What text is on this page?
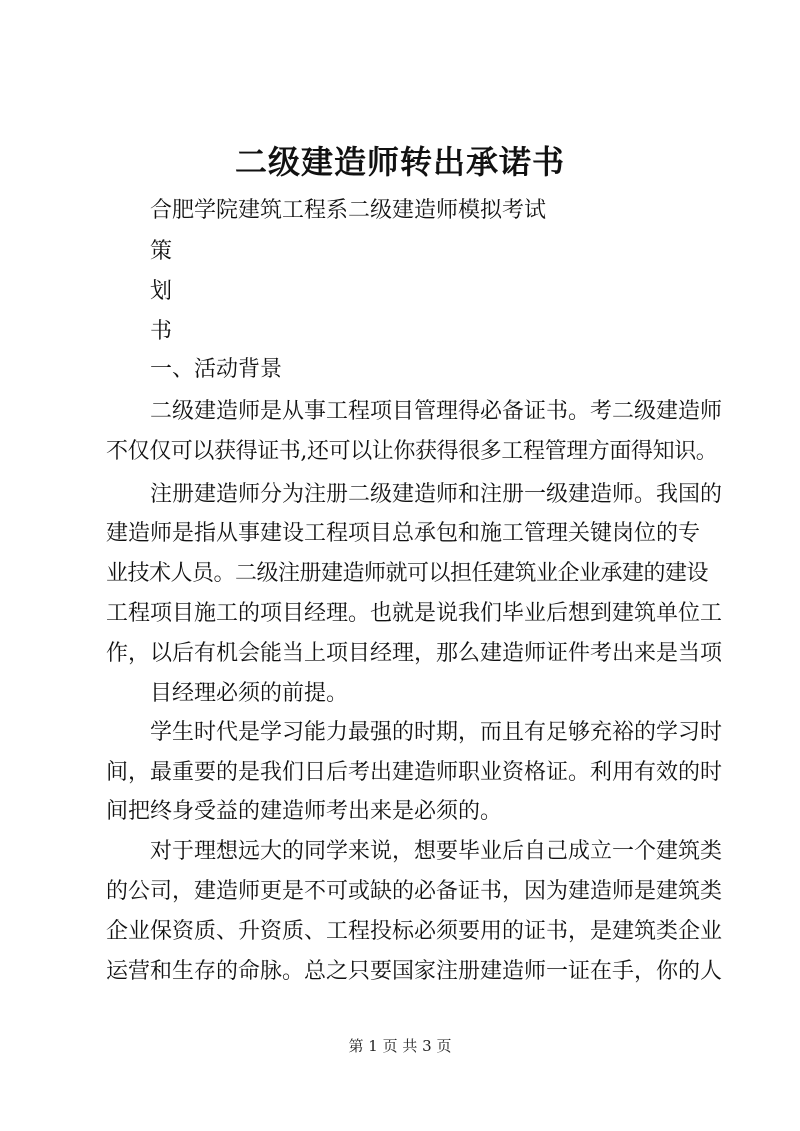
二级建造师转出承诺书
合肥学院建筑工程系二级建造师模拟考试
策
划
书
一、活动背景
二级建造师是从事工程项目管理得必备证书。考二级建造师
不仅仅可以获得证书,还可以让你获得很多工程管理方面得知识。
注册建造师分为注册二级建造师和注册一级建造师。我国的
建造师是指从事建设工程项目总承包和施工管理关键岗位的专
业技术人员。二级注册建造师就可以担任建筑业企业承建的建设
工程项目施工的项目经理。也就是说我们毕业后想到建筑单位工
作，以后有机会能当上项目经理，那么建造师证件考出来是当项
目经理必须的前提。
学生时代是学习能力最强的时期，而且有足够充裕的学习时
间，最重要的是我们日后考出建造师职业资格证。利用有效的时
间把终身受益的建造师考出来是必须的。
对于理想远大的同学来说，想要毕业后自己成立一个建筑类
的公司，建造师更是不可或缺的必备证书，因为建造师是建筑类
企业保资质、升资质、工程投标必须要用的证书，是建筑类企业
运营和生存的命脉。总之只要国家注册建造师一证在手，你的人
第 1 页 共 3 页
